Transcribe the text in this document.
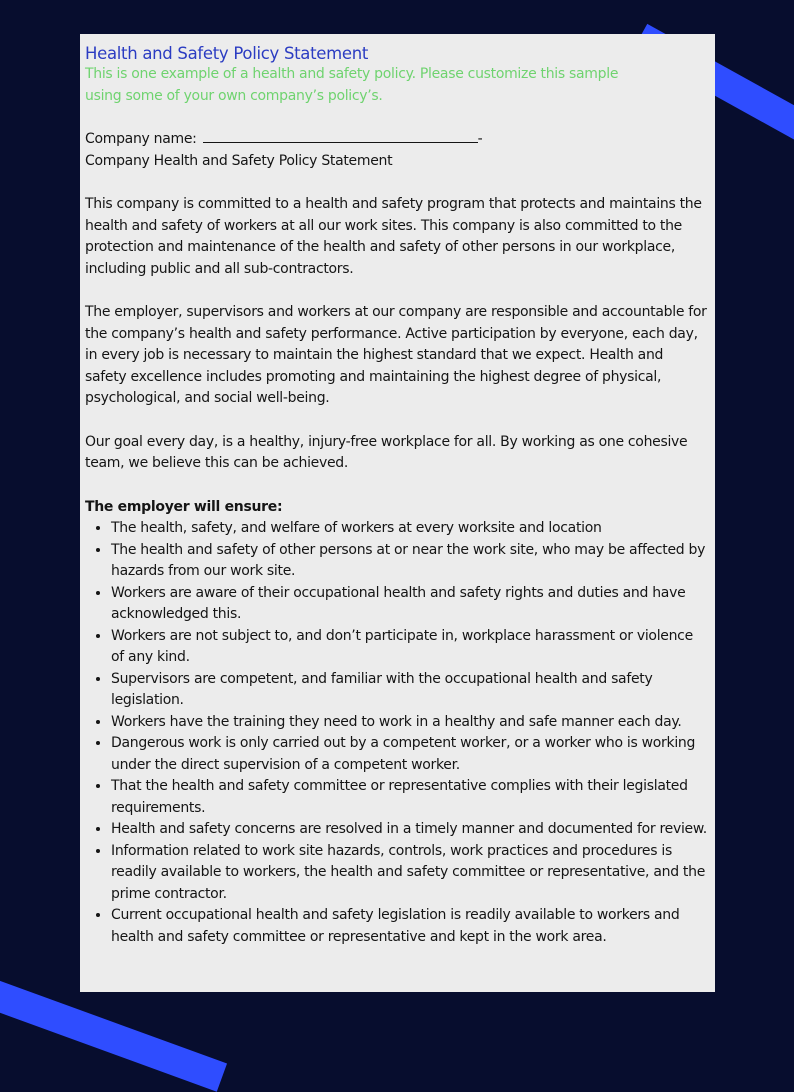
Health and Safety Policy Statement

This is one example of a health and safety policy. Please customize this sample

using some of your own company’s policy’s.

Company name:	-

Company Health and Safety Policy Statement

This company is committed to a health and safety program that protects and maintains the health and safety of workers at all our work sites. This company is also committed to the protection and maintenance of the health and safety of other persons in our workplace, including public and all sub-contractors.

The employer, supervisors and workers at our company are responsible and accountable for the company’s health and safety performance. Active participation by everyone, each day, in every job is necessary to maintain the highest standard that we expect. Health and safety excellence includes promoting and maintaining the highest degree of physical, psychological, and social well-being.

Our goal every day, is a healthy, injury-free workplace for all. By working as one cohesive team, we believe this can be achieved.

The employer will ensure:

• The health, safety, and welfare of workers at every worksite and location
• The health and safety of other persons at or near the work site, who may be affected by hazards from our work site.
• Workers are aware of their occupational health and safety rights and duties and have acknowledged this.
• Workers are not subject to, and don’t participate in, workplace harassment or violence of any kind.
• Supervisors are competent, and familiar with the occupational health and safety legislation.
• Workers have the training they need to work in a healthy and safe manner each day.
• Dangerous work is only carried out by a competent worker, or a worker who is working under the direct supervision of a competent worker.
• That the health and safety committee or representative complies with their legislated requirements.
• Health and safety concerns are resolved in a timely manner and documented for review.
• Information related to work site hazards, controls, work practices and procedures is readily available to workers, the health and safety committee or representative, and the prime contractor.
• Current occupational health and safety legislation is readily available to workers and health and safety committee or representative and kept in the work area.
